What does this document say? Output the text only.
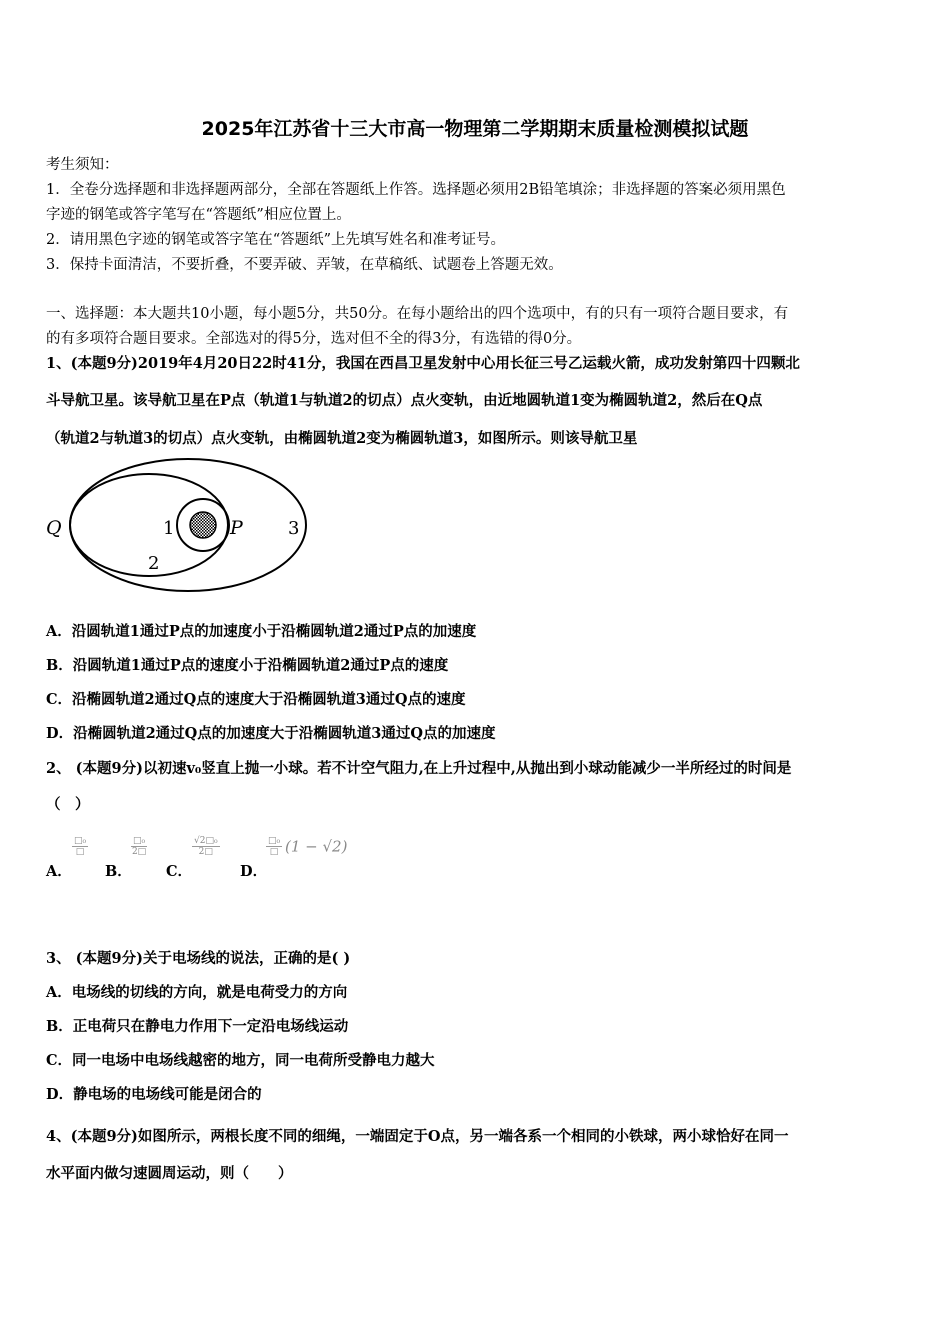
2025年江苏省十三大市高一物理第二学期期末质量检测模拟试题
考生须知：
1．全卷分选择题和非选择题两部分，全部在答题纸上作答。选择题必须用2B铅笔填涂；非选择题的答案必须用黑色
字迹的钢笔或答字笔写在“答题纸”相应位置上。
2．请用黑色字迹的钢笔或答字笔在“答题纸”上先填写姓名和准考证号。
3．保持卡面清洁，不要折叠，不要弄破、弄皱，在草稿纸、试题卷上答题无效。
一、选择题：本大题共10小题，每小题5分，共50分。在每小题给出的四个选项中，有的只有一项符合题目要求，有
的有多项符合题目要求。全部选对的得5分，选对但不全的得3分，有选错的得0分。
1、(本题9分)2019年4月20日22时41分，我国在西昌卫星发射中心用长征三号乙运载火箭，成功发射第四十四颗北
斗导航卫星。该导航卫星在P点（轨道1与轨道2的切点）点火变轨，由近地圆轨道1变为椭圆轨道2，然后在Q点
（轨道2与轨道3的切点）点火变轨，由椭圆轨道2变为椭圆轨道3，如图所示。则该导航卫星
Q	1	P	3
2
A．沿圆轨道1通过P点的加速度小于沿椭圆轨道2通过P点的加速度
B．沿圆轨道1通过P点的速度小于沿椭圆轨道2通过P点的速度
C．沿椭圆轨道2通过Q点的速度大于沿椭圆轨道3通过Q点的速度
D．沿椭圆轨道2通过Q点的加速度大于沿椭圆轨道3通过Q点的加速度
2、 (本题9分)以初速v₀竖直上抛一小球。若不计空气阻力,在上升过程中,从抛出到小球动能减少一半所经过的时间是
（　）
A．
$\frac{\text{□₀}}{□}$
B．
$\frac{\text{□₀}}{2□}$
C．
$\frac{\text{√2□₀}}{2□}$
D．
$\frac{\text{□₀}}{□} (1 - √2)$
3、 (本题9分)关于电场线的说法，正确的是( )
A．电场线的切线的方向，就是电荷受力的方向
B．正电荷只在静电力作用下一定沿电场线运动
C．同一电场中电场线越密的地方，同一电荷所受静电力越大
D．静电场的电场线可能是闭合的
4、(本题9分)如图所示，两根长度不同的细绳，一端固定于O点，另一端各系一个相同的小铁球，两小球恰好在同一
水平面内做匀速圆周运动，则（　　）
